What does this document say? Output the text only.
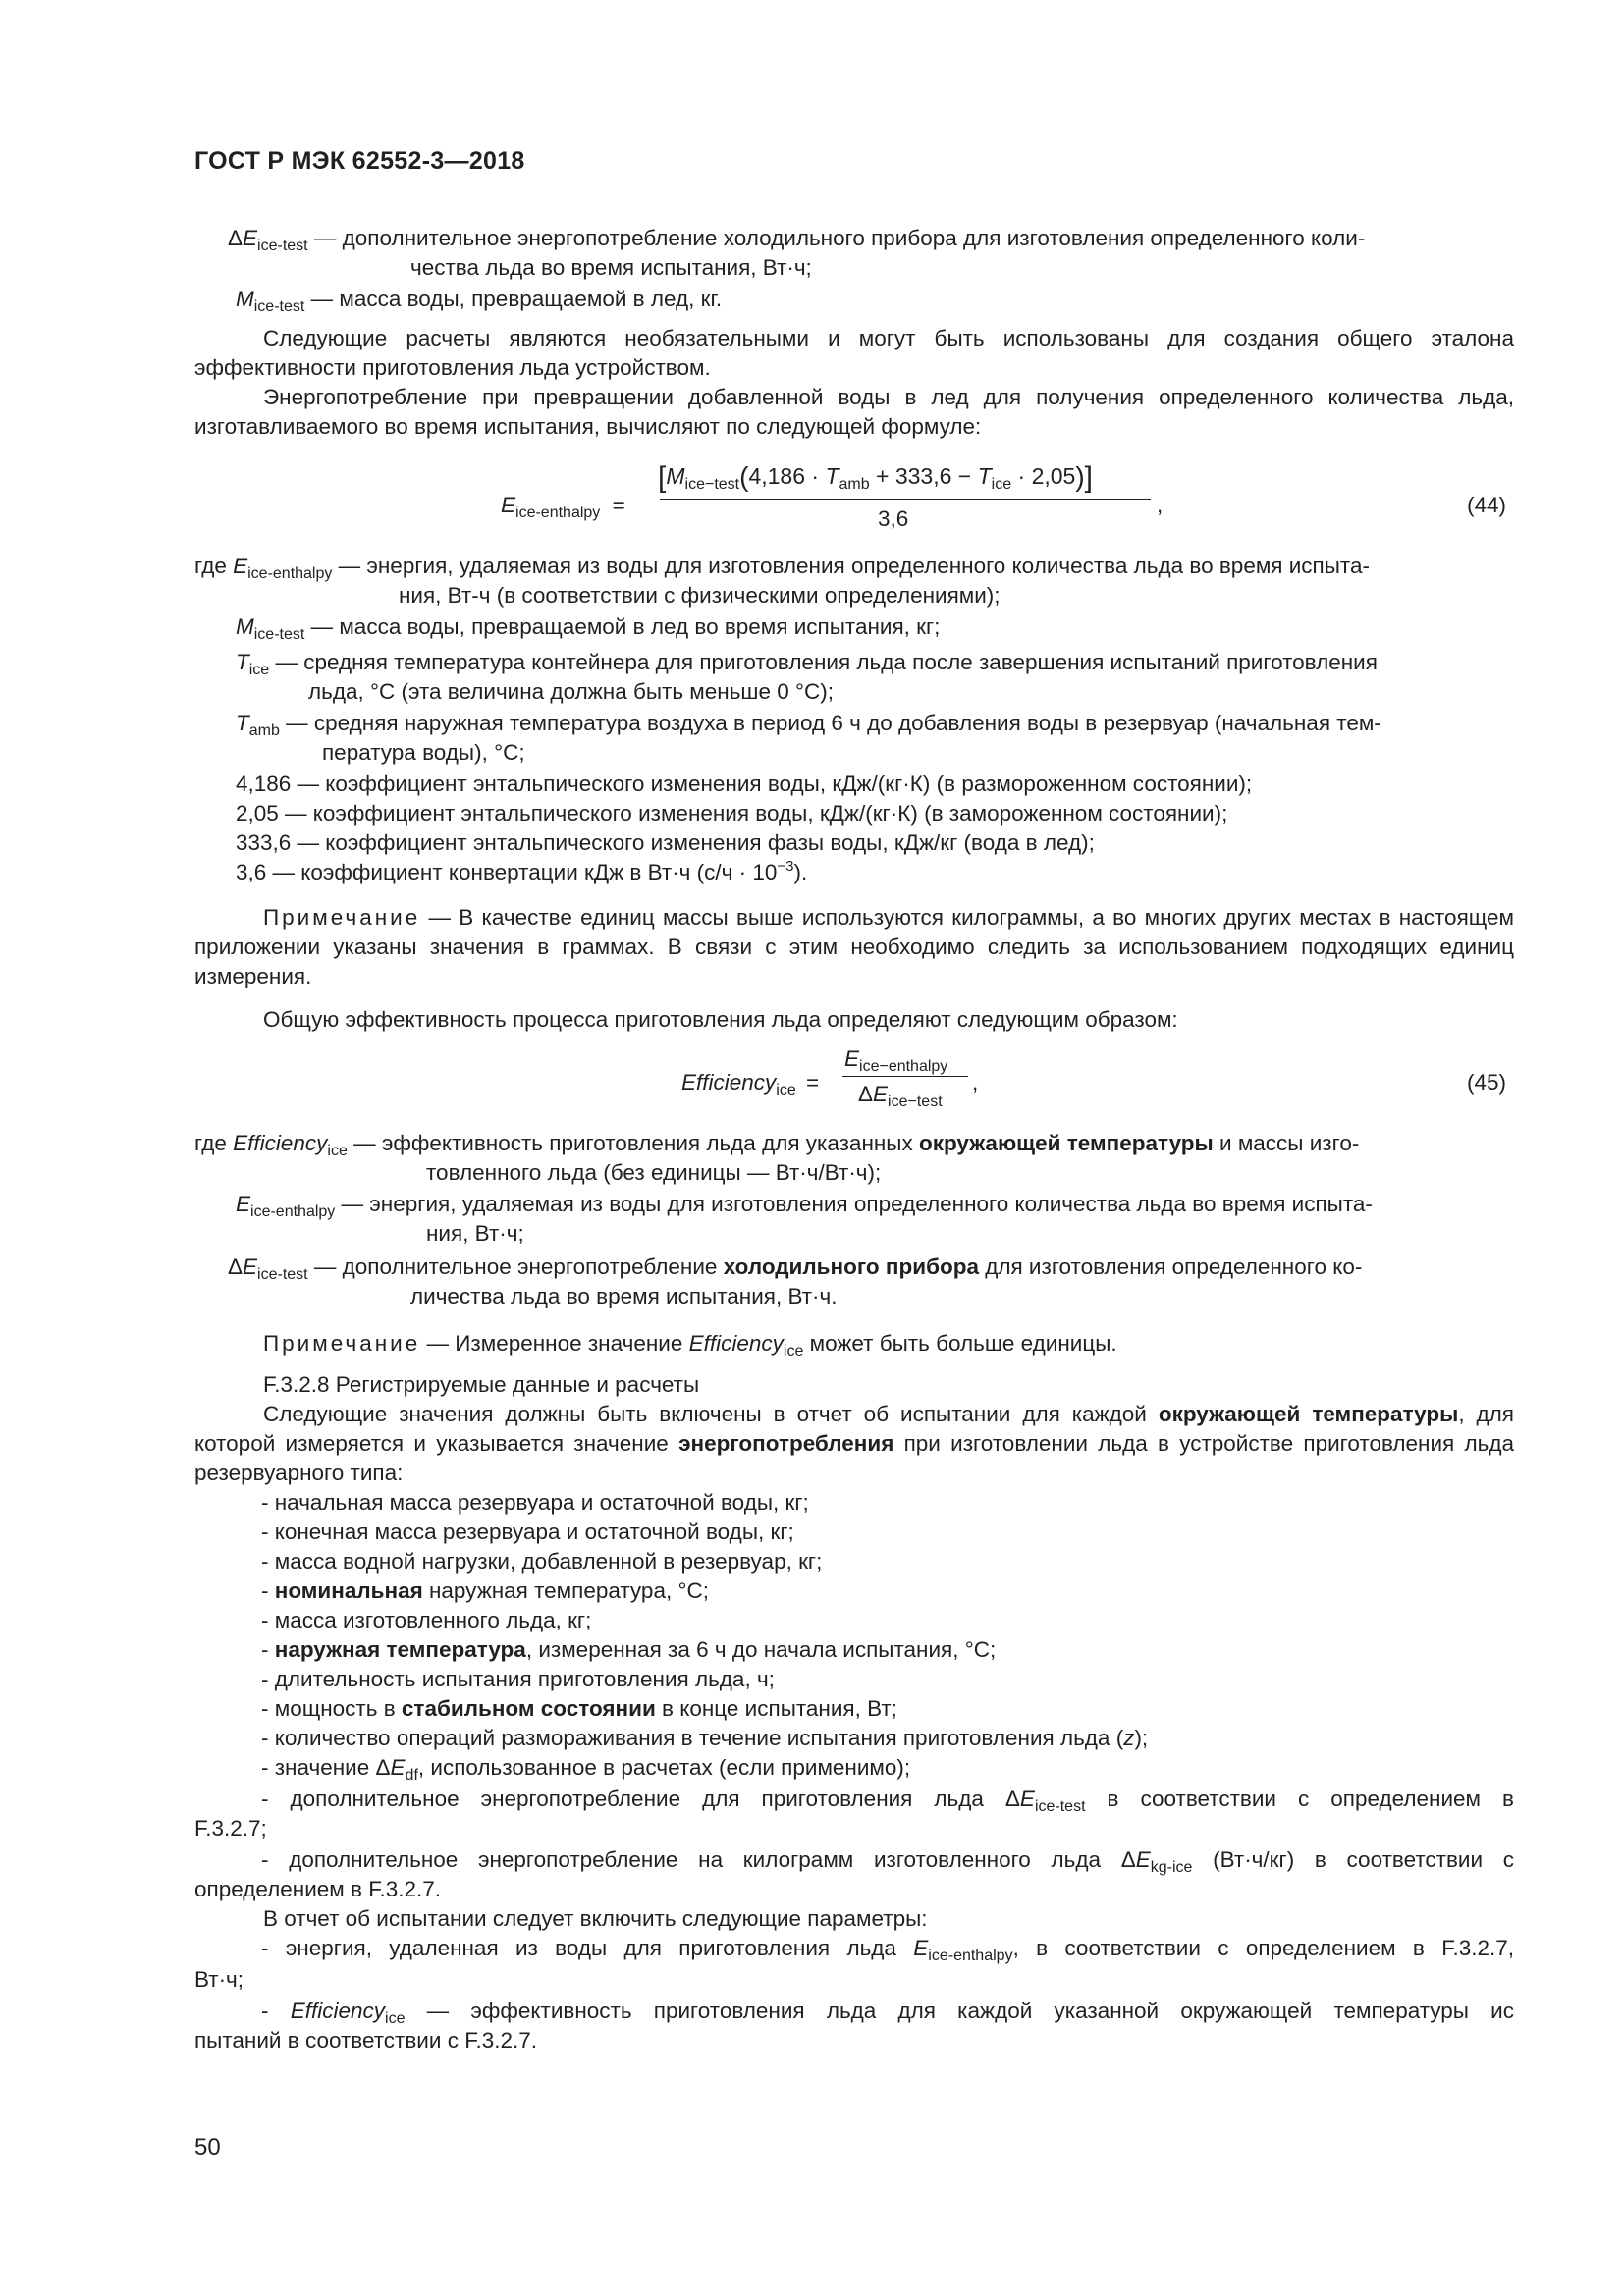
ГОСТ Р МЭК 62552-3—2018
$\Delta E_{ice-test}$ — дополнительное энергопотребление холодильного прибора для изготовления определенного коли-
чества льда во время испытания, Вт·ч;
$M_{ice-test}$ — масса воды, превращаемой в лед, кг.
Следующие расчеты являются необязательными и могут быть использованы для создания общего эталона эффективности приготовления льда устройством.
Энергопотребление при превращении добавленной воды в лед для получения определенного количества льда, изготавливаемого во время испытания, вычисляют по следующей формуле:
$E_{ice-enthalpy}$ =
$[M_{ice-test}(4,186 \cdot T_{amb} + 333,6 - T_{ice} \cdot 2,05)]$
3,6
,	(44)
где $E_{ice-enthalpy}$ — энергия, удаляемая из воды для изготовления определенного количества льда во время испыта-
ния, Вт-ч (в соответствии с физическими определениями);
$M_{ice-test}$ — масса воды, превращаемой в лед во время испытания, кг;
$T_{ice}$ — средняя температура контейнера для приготовления льда после завершения испытаний приготовления
льда, °С (эта величина должна быть меньше 0 °С);
$T_{amb}$ — средняя наружная температура воздуха в период 6 ч до добавления воды в резервуар (начальная тем-
пература воды), °С;
4,186 — коэффициент энтальпического изменения воды, кДж/(кг·К) (в размороженном состоянии);
2,05 — коэффициент энтальпического изменения воды, кДж/(кг·К) (в замороженном состоянии);
333,6 — коэффициент энтальпического изменения фазы воды, кДж/кг (вода в лед);
3,6 — коэффициент конвертации кДж в Вт·ч $(с/ч \cdot 10^{-3})$.
Примечание — В качестве единиц массы выше используются килограммы, а во многих других местах в настоящем приложении указаны значения в граммах. В связи с этим необходимо следить за использованием подходящих единиц измерения.
Общую эффективность процесса приготовления льда определяют следующим образом:
Efficiency$_{ice}$ =
$E_{ice-enthalpy}$
$\Delta E_{ice-test}$
,	(45)
где Efficiency$_{ice}$ — эффективность приготовления льда для указанных окружающей температуры и массы изго-
товленного льда (без единицы — Вт·ч/Вт·ч);
$E_{ice-enthalpy}$ — энергия, удаляемая из воды для изготовления определенного количества льда во время испыта-
ния, Вт·ч;
$\Delta E_{ice-test}$ — дополнительное энергопотребление холодильного прибора для изготовления определенного ко-
личества льда во время испытания, Вт·ч.
Примечание — Измеренное значение Efficiency$_{ice}$ может быть больше единицы.
F.3.2.8 Регистрируемые данные и расчеты
Следующие значения должны быть включены в отчет об испытании для каждой окружающей температуры, для которой измеряется и указывается значение энергопотребления при изготовлении льда в устройстве приготовления льда резервуарного типа:
- начальная масса резервуара и остаточной воды, кг;
- конечная масса резервуара и остаточной воды, кг;
- масса водной нагрузки, добавленной в резервуар, кг;
- номинальная наружная температура, °С;
- масса изготовленного льда, кг;
- наружная температура, измеренная за 6 ч до начала испытания, °С;
- длительность испытания приготовления льда, ч;
- мощность в стабильном состоянии в конце испытания, Вт;
- количество операций размораживания в течение испытания приготовления льда (z);
- значение $\Delta E_{df}$, использованное в расчетах (если применимо);
- дополнительное энергопотребление для приготовления льда $\Delta E_{ice-test}$ в соответствии с определением в
F.3.2.7;
- дополнительное энергопотребление на килограмм изготовленного льда $\Delta E_{kg-ice}$ (Вт·ч/кг) в соответствии с
определением в F.3.2.7.
В отчет об испытании следует включить следующие параметры:
- энергия, удаленная из воды для приготовления льда $E_{ice-enthalpy}$, в соответствии с определением в F.3.2.7,
Вт·ч;
- Efficiency$_{ice}$ — эффективность приготовления льда для каждой указанной окружающей температуры ис
пытаний в соответствии с F.3.2.7.
50
